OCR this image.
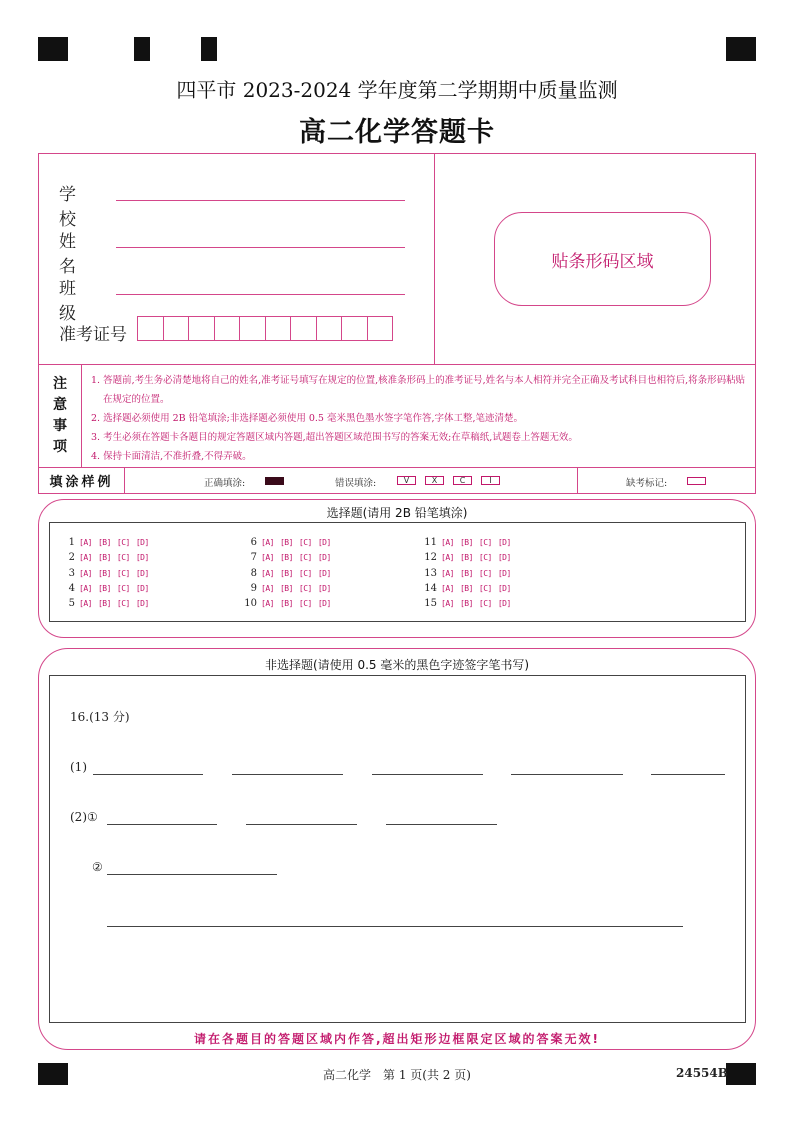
四平市 2023-2024 学年度第二学期期中质量监测
高二化学答题卡
学校
姓名
班级
准考证号
贴条形码区域
注
意
事
项
1. 答题前,考生务必清楚地将自己的姓名,准考证号填写在规定的位置,核准条形码上的准考证号,姓名与本人相符并完全正确及考试科目也相符后,将条形码粘贴在规定的位置。
2. 选择题必须使用 2B 铅笔填涂;非选择题必须使用 0.5 毫米黑色墨水签字笔作答,字体工整,笔迹清楚。
3. 考生必须在答题卡各题目的规定答题区域内答题,超出答题区域范围书写的答案无效;在草稿纸,试题卷上答题无效。
4. 保持卡面清洁,不准折叠,不得弄破。
填涂样例	正确填涂:	错误填涂:	V	X	C	I	缺考标记:
选择题(请用 2B 铅笔填涂)
1 [A] [B] [C] [D]
2 [A] [B] [C] [D]
3 [A] [B] [C] [D]
4 [A] [B] [C] [D]
5 [A] [B] [C] [D]
6 [A] [B] [C] [D]
7 [A] [B] [C] [D]
8 [A] [B] [C] [D]
9 [A] [B] [C] [D]
10 [A] [B] [C] [D]
11 [A] [B] [C] [D]
12 [A] [B] [C] [D]
13 [A] [B] [C] [D]
14 [A] [B] [C] [D]
15 [A] [B] [C] [D]
非选择题(请使用 0.5 毫米的黑色字迹签字笔书写)
16.(13 分)
(1)
(2)①
②
请在各题目的答题区域内作答,超出矩形边框限定区域的答案无效!
高二化学　第 1 页(共 2 页)	24554B
